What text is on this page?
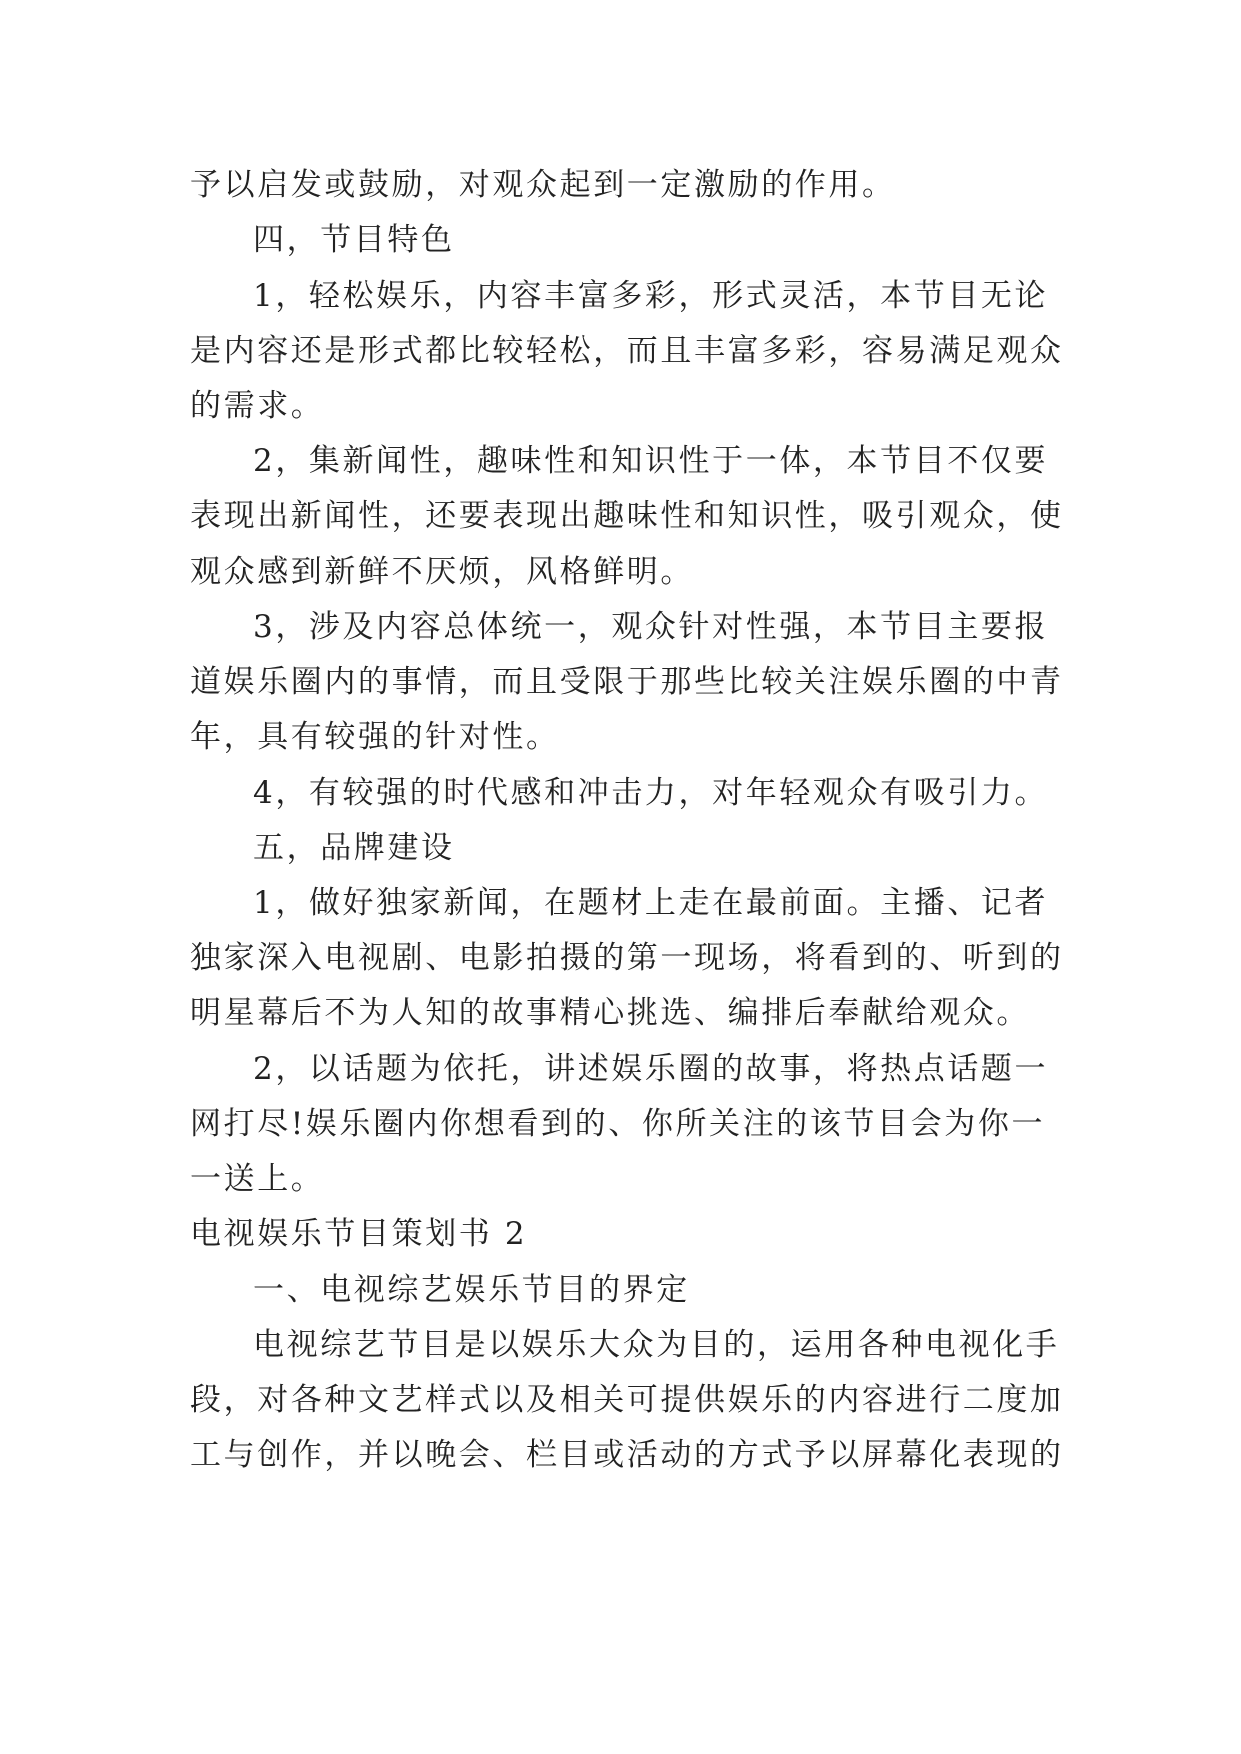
予以启发或鼓励，对观众起到一定激励的作用。

四，节目特色

1，轻松娱乐，内容丰富多彩，形式灵活，本节目无论

是内容还是形式都比较轻松，而且丰富多彩，容易满足观众

的需求。

2，集新闻性，趣味性和知识性于一体，本节目不仅要

表现出新闻性，还要表现出趣味性和知识性，吸引观众，使

观众感到新鲜不厌烦，风格鲜明。

3，涉及内容总体统一，观众针对性强，本节目主要报

道娱乐圈内的事情，而且受限于那些比较关注娱乐圈的中青

年，具有较强的针对性。

4，有较强的时代感和冲击力，对年轻观众有吸引力。

五，品牌建设

1，做好独家新闻，在题材上走在最前面。主播、记者

独家深入电视剧、电影拍摄的第一现场，将看到的、听到的

明星幕后不为人知的故事精心挑选、编排后奉献给观众。

2，以话题为依托，讲述娱乐圈的故事，将热点话题一

网打尽!娱乐圈内你想看到的、你所关注的该节目会为你一

一送上。

电视娱乐节目策划书 2

一、电视综艺娱乐节目的界定

电视综艺节目是以娱乐大众为目的，运用各种电视化手

段，对各种文艺样式以及相关可提供娱乐的内容进行二度加

工与创作，并以晚会、栏目或活动的方式予以屏幕化表现的
